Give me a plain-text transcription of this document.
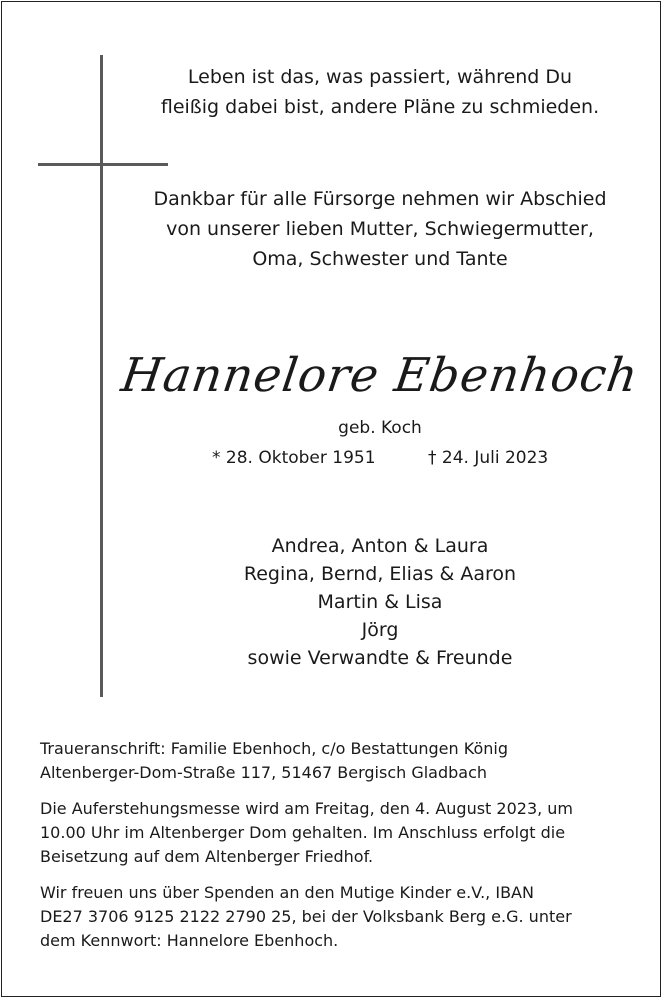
Leben ist das, was passiert, während Du
fleißig dabei bist, andere Pläne zu schmieden.
Dankbar für alle Fürsorge nehmen wir Abschied
von unserer lieben Mutter, Schwiegermutter,
Oma, Schwester und Tante
Hannelore Ebenhoch
geb. Koch
* 28. Oktober 1951	† 24. Juli 2023
Andrea, Anton & Laura
Regina, Bernd, Elias & Aaron
Martin & Lisa
Jörg
sowie Verwandte & Freunde
Traueranschrift: Familie Ebenhoch, c/o Bestattungen König
Altenberger-Dom-Straße 117, 51467 Bergisch Gladbach
Die Auferstehungsmesse wird am Freitag, den 4. August 2023, um
10.00 Uhr im Altenberger Dom gehalten. Im Anschluss erfolgt die
Beisetzung auf dem Altenberger Friedhof.
Wir freuen uns über Spenden an den Mutige Kinder e.V., IBAN
DE27 3706 9125 2122 2790 25, bei der Volksbank Berg e.G. unter
dem Kennwort: Hannelore Ebenhoch.
